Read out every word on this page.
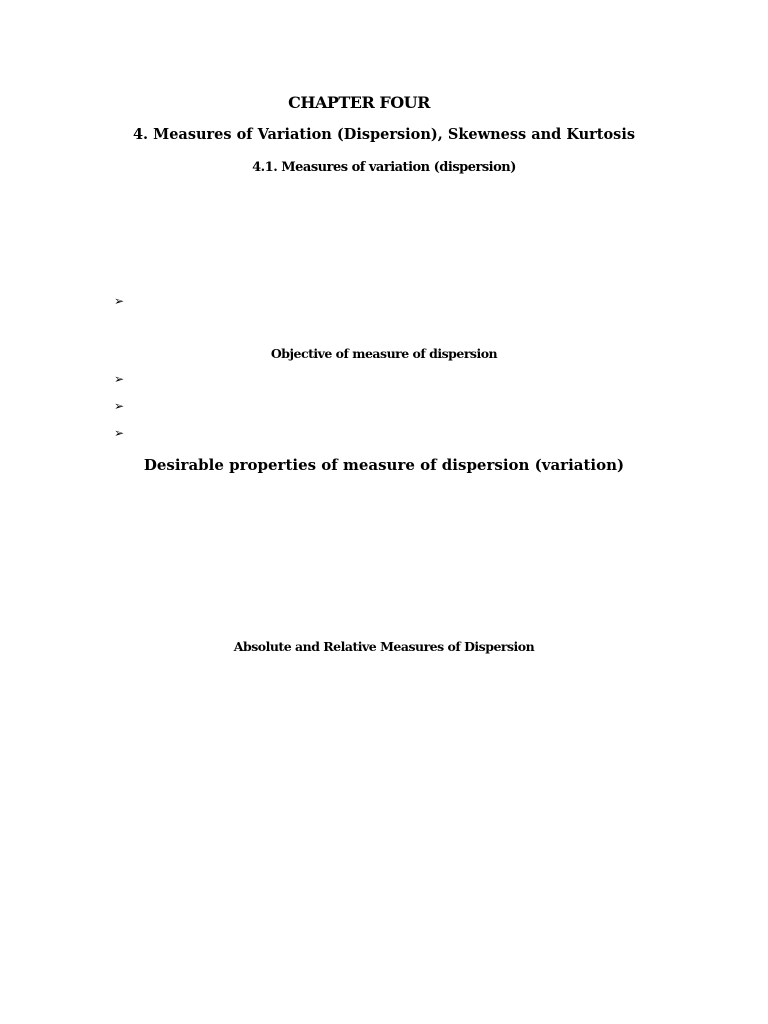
CHAPTER FOUR
4. Measures of Variation (Dispersion), Skewness and Kurtosis
4.1. Measures of variation (dispersion)
➢
Objective of measure of dispersion
➢
➢
➢
Desirable properties of measure of dispersion (variation)
Absolute and Relative Measures of Dispersion
